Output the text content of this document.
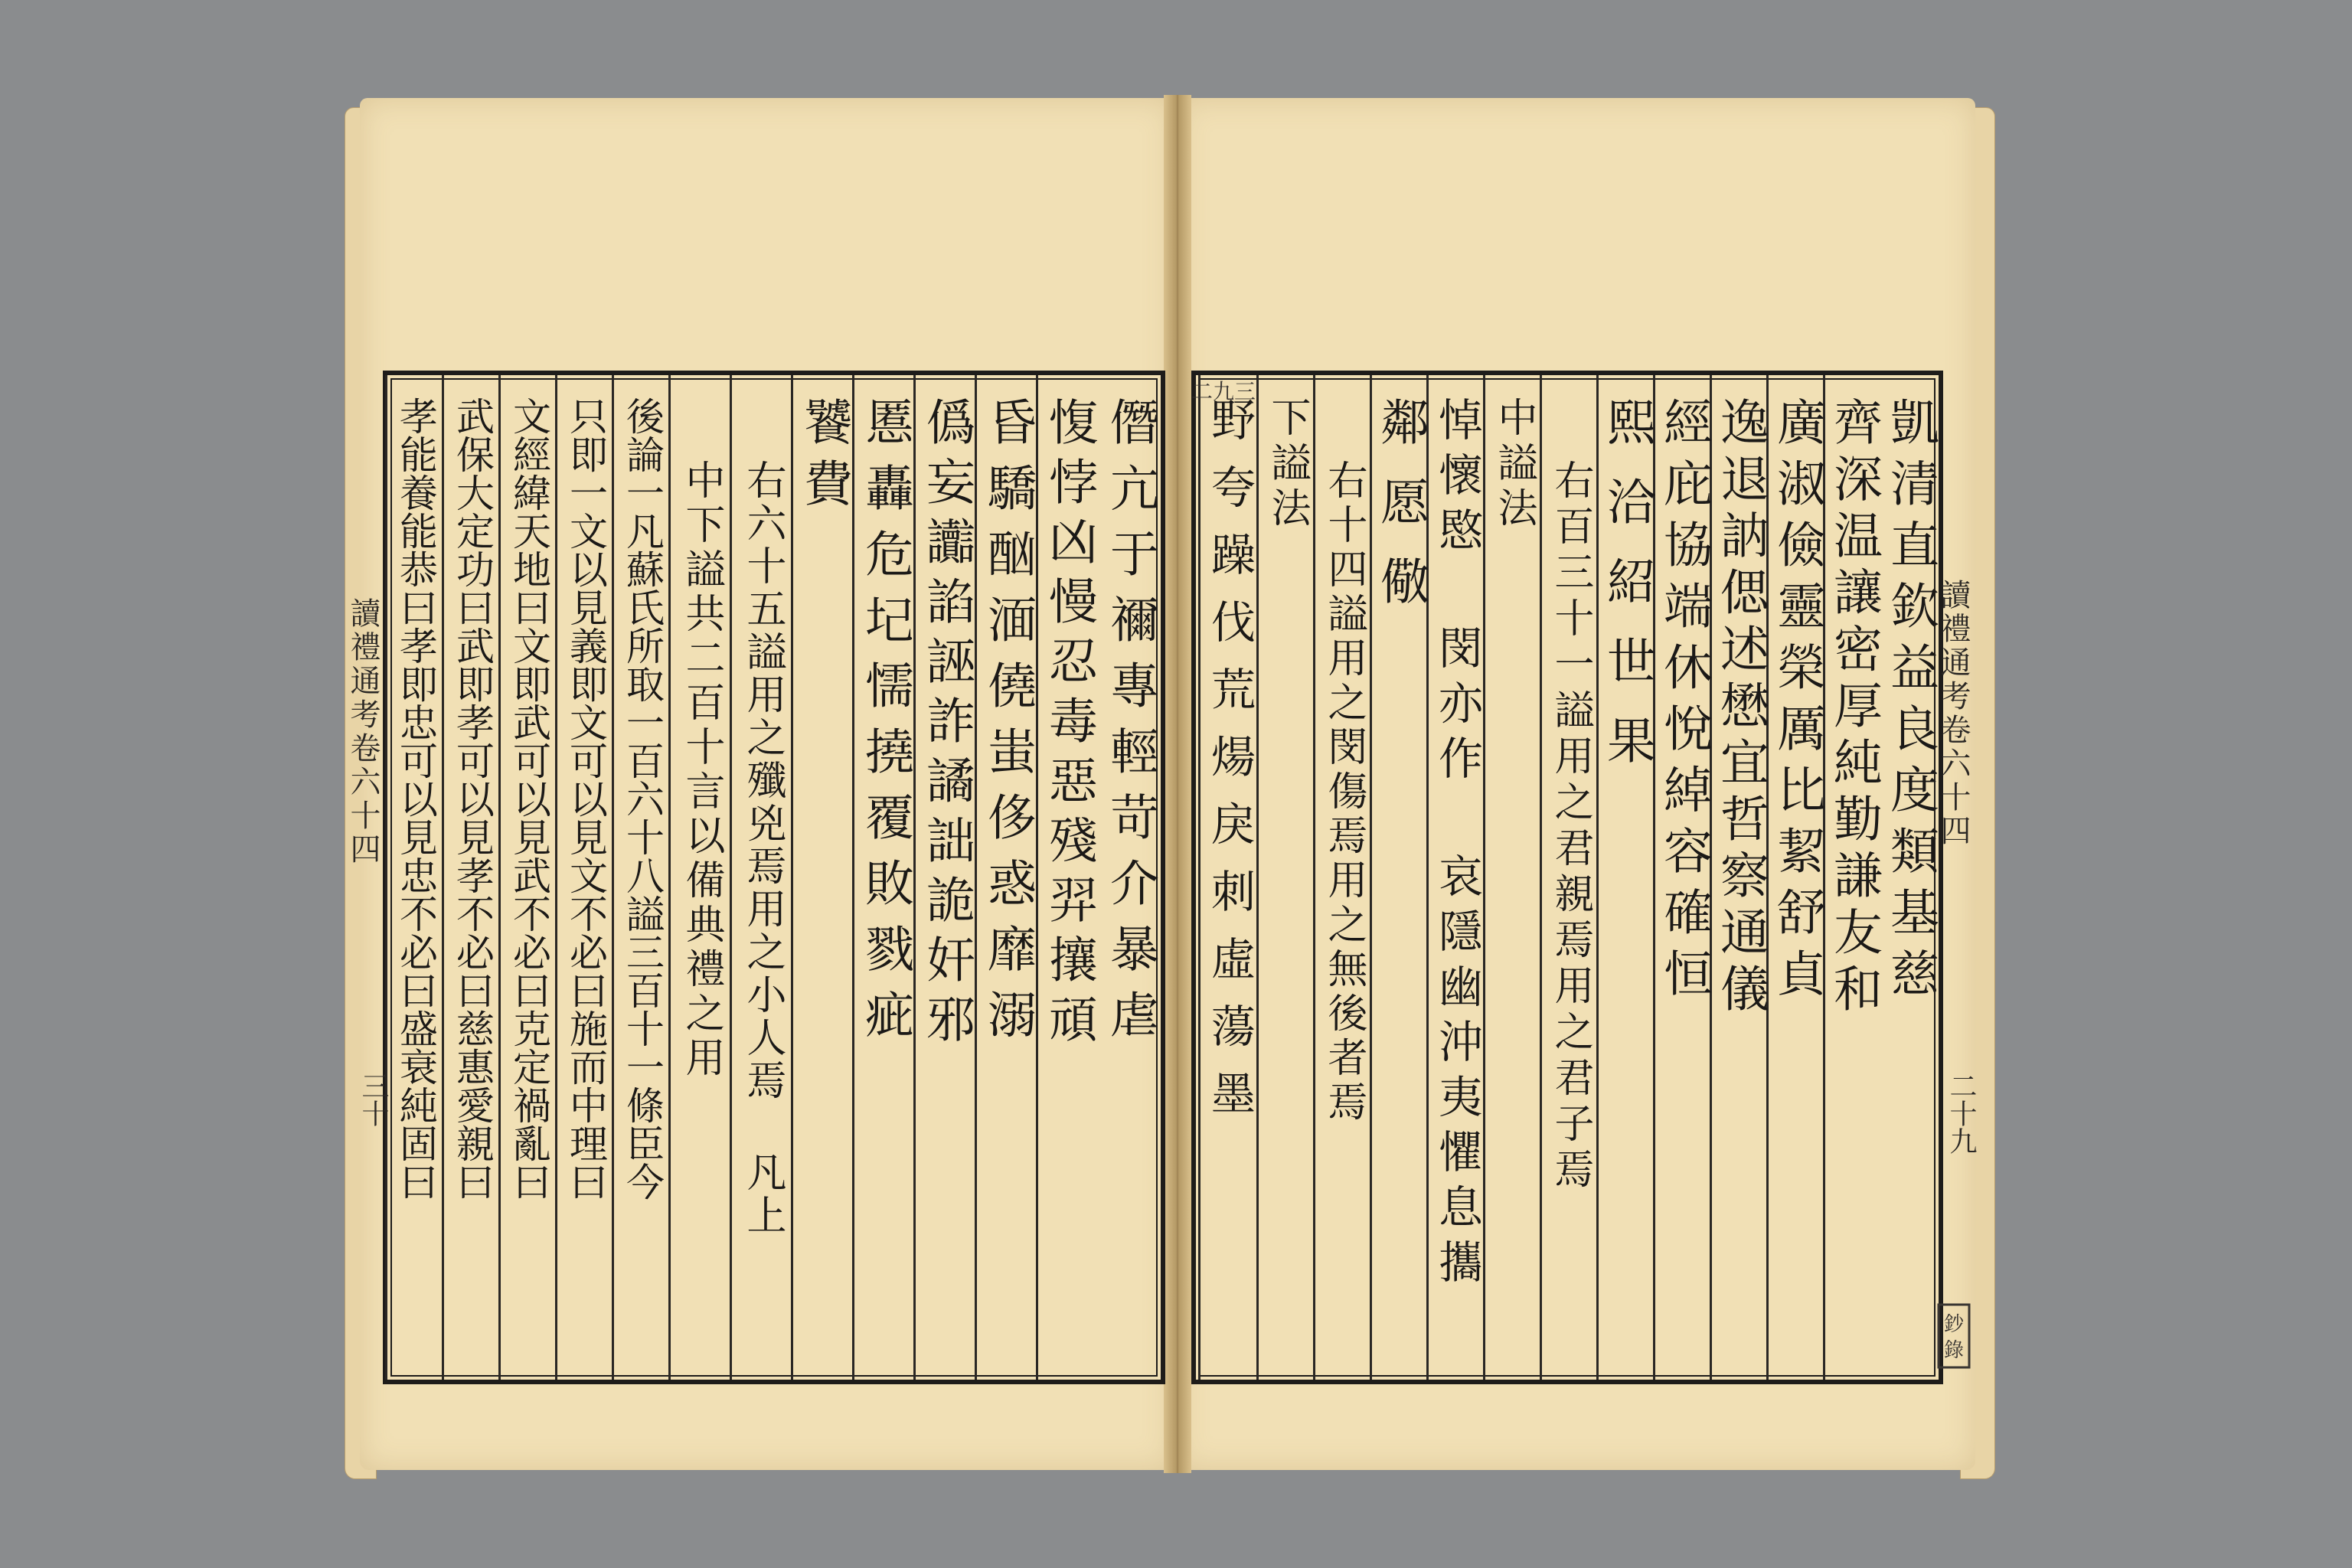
凱清直欽益良度類基慈
齊深温讓密厚純勤謙友和
廣淑儉靈榮厲比絜舒貞
逸退訥偲述懋宜哲察通儀
經庇協端休悅綽容確恒
熙洽紹世果
右百三十一謚用之君親焉用之君子焉
中謚法
悼懷愍 閔亦作 哀隱幽沖夷懼息攜
鄰愿儆
右十四謚用之閔傷焉用之無後者焉
下謚法
野夸躁伐荒煬戾刺虛蕩墨	讀禮通考卷六十四
二十九
二九三
鈔
錄
僭亢于禰專輕苛介暴虐
愎悖凶慢忍毒惡殘羿攘頑
昏驕酗湎僥蚩侈惑靡溺
僞妄讟諂誣詐譎詘詭奸邪
慝轟危圮懦撓覆敗戮疵
饕費
右六十五謚用之殲兇焉用之小人焉 凡上
中下謚共二百十言以備典禮之用
後論一凡蘇氏所取一百六十八謚三百十一條臣今
只即一文以見義即文可以見文不必曰施而中理曰
文經緯天地曰文即武可以見武不必曰克定禍亂曰
武保大定功曰武即孝可以見孝不必曰慈惠愛親曰
孝能養能恭曰孝即忠可以見忠不必曰盛衰純固曰
讀禮通考卷六十四
三十
